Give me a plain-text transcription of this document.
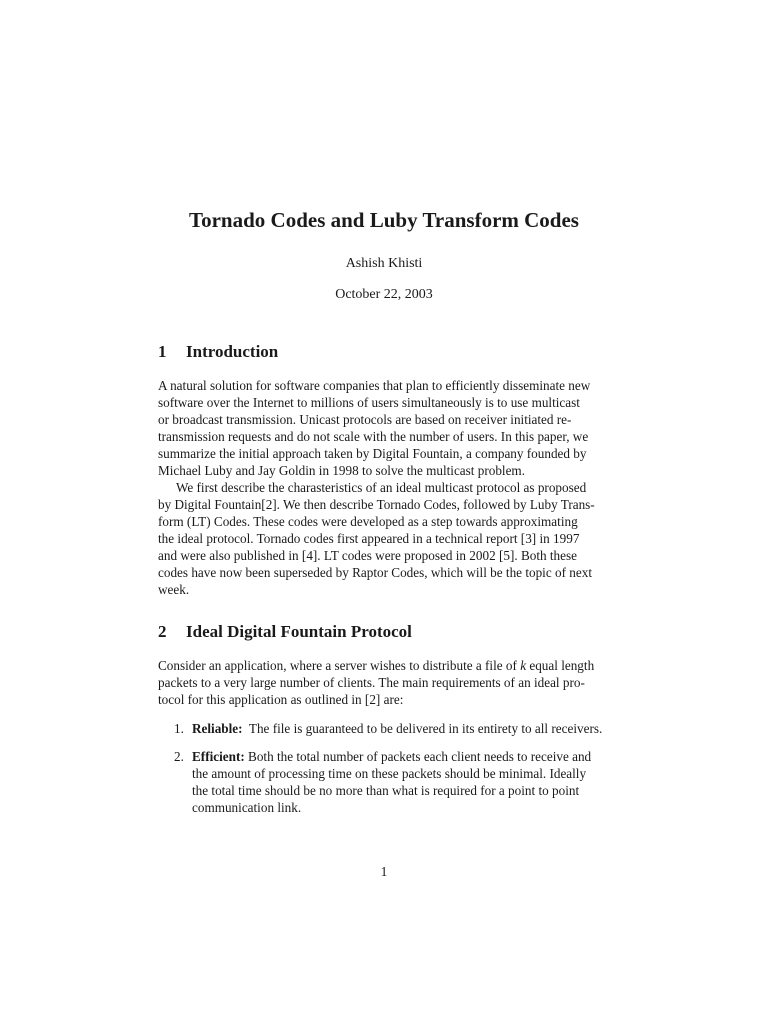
Tornado Codes and Luby Transform Codes
Ashish Khisti
October 22, 2003
1 Introduction
A natural solution for software companies that plan to efficiently disseminate new
software over the Internet to millions of users simultaneously is to use multicast
or broadcast transmission. Unicast protocols are based on receiver initiated re-
transmission requests and do not scale with the number of users. In this paper, we
summarize the initial approach taken by Digital Fountain, a company founded by
Michael Luby and Jay Goldin in 1998 to solve the multicast problem.
We first describe the charasteristics of an ideal multicast protocol as proposed
by Digital Fountain[2]. We then describe Tornado Codes, followed by Luby Trans-
form (LT) Codes. These codes were developed as a step towards approximating
the ideal protocol. Tornado codes first appeared in a technical report [3] in 1997
and were also published in [4]. LT codes were proposed in 2002 [5]. Both these
codes have now been superseded by Raptor Codes, which will be the topic of next
week.
2 Ideal Digital Fountain Protocol
Consider an application, where a server wishes to distribute a file of k equal length
packets to a very large number of clients. The main requirements of an ideal pro-
tocol for this application as outlined in [2] are:
1. Reliable:  The file is guaranteed to be delivered in its entirety to all receivers.
2. Efficient: Both the total number of packets each client needs to receive and
the amount of processing time on these packets should be minimal. Ideally
the total time should be no more than what is required for a point to point
communication link.
1
